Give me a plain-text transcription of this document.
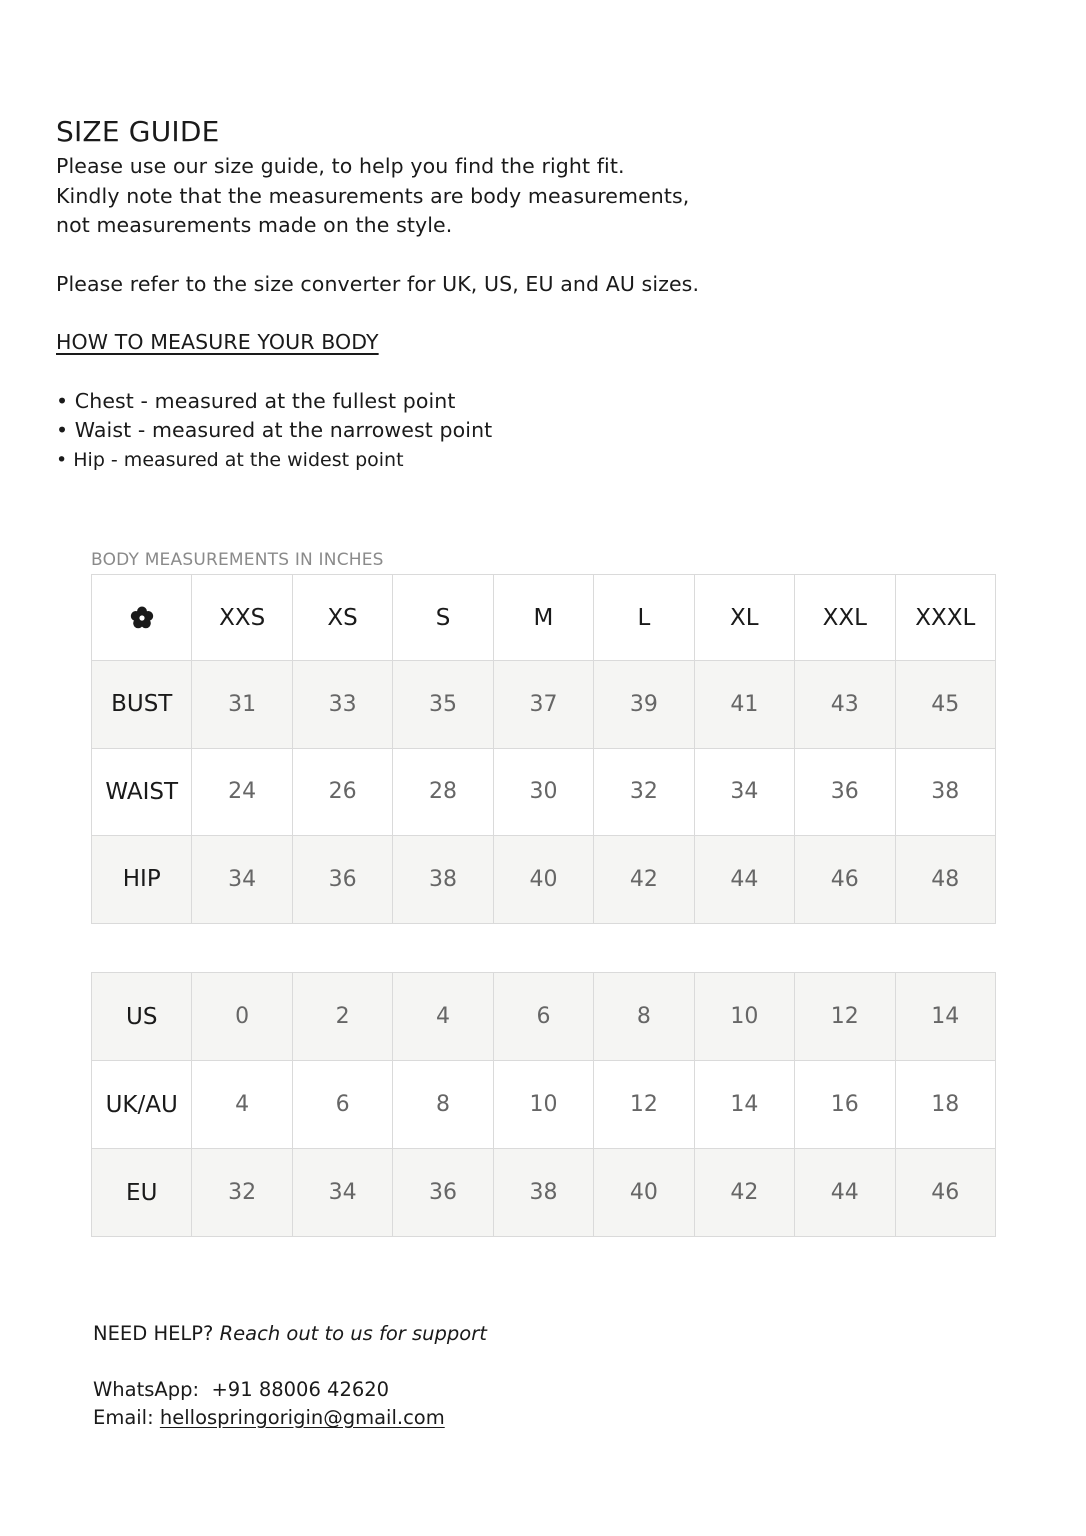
SIZE GUIDE

Please use our size guide, to help you find the right fit.

Kindly note that the measurements are body measurements,

not measurements made on the style.

Please refer to the size converter for UK, US, EU and AU sizes.

HOW TO MEASURE YOUR BODY

• Chest - measured at the fullest point

• Waist - measured at the narrowest point

• Hip - measured at the widest point

BODY MEASUREMENTS IN INCHES
	XXS	XS	S	M	L	XL	XXL	XXXL
BUST	31	33	35	37	39	41	43	45
WAIST	24	26	28	30	32	34	36	38
HIP	34	36	38	40	42	44	46	48
US	0	2	4	6	8	10	12	14
UK/AU	4	6	8	10	12	14	16	18
EU	32	34	36	38	40	42	44	46

NEED HELP? Reach out to us for support

WhatsApp:  +91 88006 42620

Email: hellospringorigin@gmail.com
